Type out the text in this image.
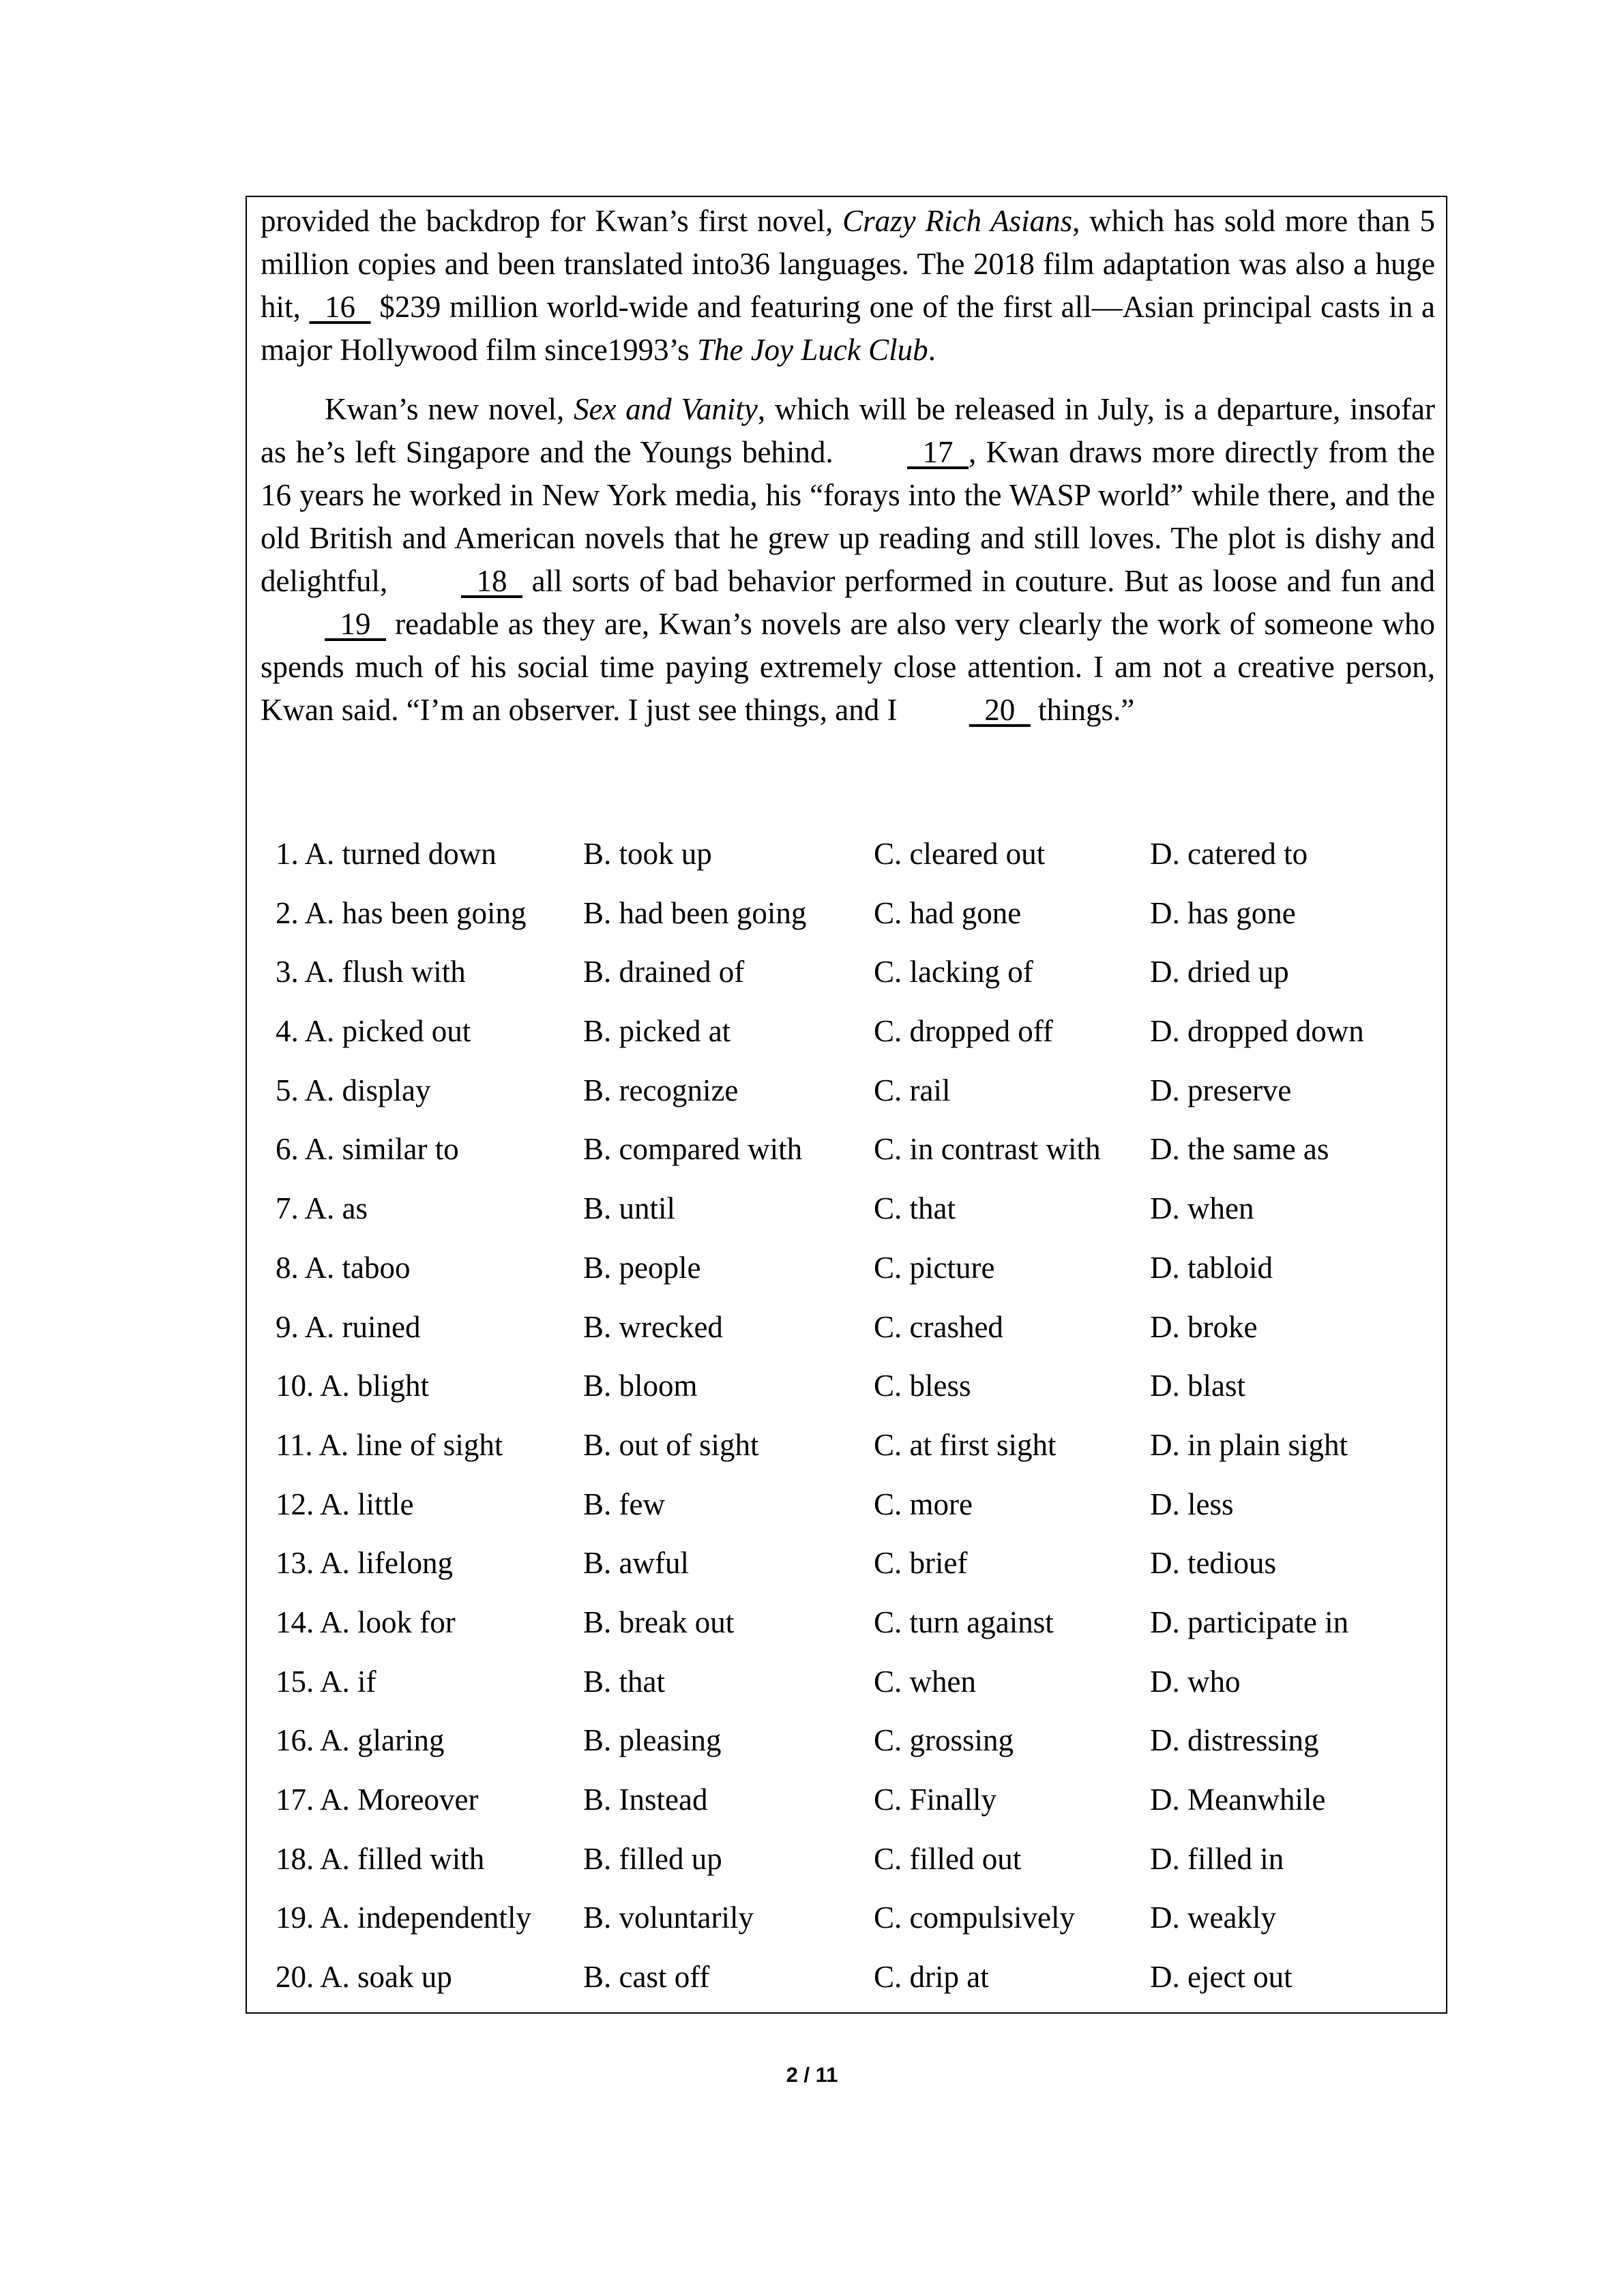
provided the backdrop for Kwan’s first novel, Crazy Rich Asians, which has sold more than 5 million copies and been translated into36 languages. The 2018 film adaptation was also a huge hit,   16   $239 million world-wide and featuring one of the first all—Asian principal casts in a major Hollywood film since1993’s The Joy Luck Club.

Kwan’s new novel, Sex and Vanity, which will be released in July, is a departure, insofar as he’s left Singapore and the Youngs behind.   17  , Kwan draws more directly from the 16 years he worked in New York media, his “forays into the WASP world” while there, and the old British and American novels that he grew up reading and still loves. The plot is dishy and delightful,   18   all sorts of bad behavior performed in couture. But as loose and fun and   19   readable as they are, Kwan’s novels are also very clearly the work of someone who spends much of his social time paying extremely close attention. I am not a creative person, Kwan said. “I’m an observer. I just see things, and I   20   things.”

1. A. turned down	B. took up	C. cleared out	D. catered to
2. A. has been going	B. had been going	C. had gone	D. has gone
3. A. flush with	B. drained of	C. lacking of	D. dried up
4. A. picked out	B. picked at	C. dropped off	D. dropped down
5. A. display	B. recognize	C. rail	D. preserve
6. A. similar to	B. compared with	C. in contrast with	D. the same as
7. A. as	B. until	C. that	D. when
8. A. taboo	B. people	C. picture	D. tabloid
9. A. ruined	B. wrecked	C. crashed	D. broke
10. A. blight	B. bloom	C. bless	D. blast
11. A. line of sight	B. out of sight	C. at first sight	D. in plain sight
12. A. little	B. few	C. more	D. less
13. A. lifelong	B. awful	C. brief	D. tedious
14. A. look for	B. break out	C. turn against	D. participate in
15. A. if	B. that	C. when	D. who
16. A. glaring	B. pleasing	C. grossing	D. distressing
17. A. Moreover	B. Instead	C. Finally	D. Meanwhile
18. A. filled with	B. filled up	C. filled out	D. filled in
19. A. independently	B. voluntarily	C. compulsively	D. weakly
20. A. soak up	B. cast off	C. drip at	D. eject out
2 / 11
